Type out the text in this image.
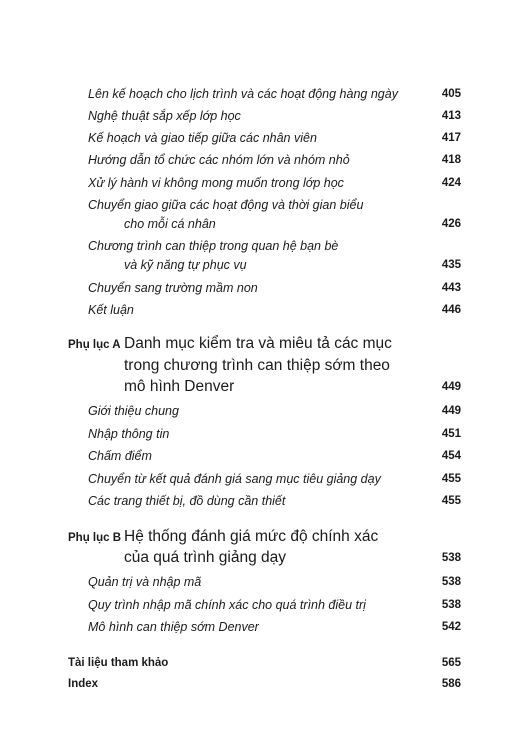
Lên kế hoạch cho lịch trình và các hoạt động hàng ngày	405
Nghệ thuật sắp xếp lớp học	413
Kế hoạch và giao tiếp giữa các nhân viên	417
Hướng dẫn tổ chức các nhóm lớn và nhóm nhỏ	418
Xử lý hành vi không mong muốn trong lớp học	424
Chuyển giao giữa các hoạt động và thời gian biểu
cho mỗi cá nhân	426
Chương trình can thiệp trong quan hệ bạn bè
và kỹ năng tự phục vụ	435
Chuyển sang trường mầm non	443
Kết luận	446
Phụ lục A Danh mục kiểm tra và miêu tả các mục
trong chương trình can thiệp sớm theo
mô hình Denver	449
Giới thiệu chung	449
Nhập thông tin	451
Chấm điểm	454
Chuyển từ kết quả đánh giá sang mục tiêu giảng dạy	455
Các trang thiết bị, đồ dùng cần thiết	455
Phụ lục B Hệ thống đánh giá mức độ chính xác
của quá trình giảng dạy	538
Quản trị và nhập mã	538
Quy trình nhập mã chính xác cho quá trình điều trị	538
Mô hình can thiệp sớm Denver	542
Tài liệu tham khảo	565
Index	586
